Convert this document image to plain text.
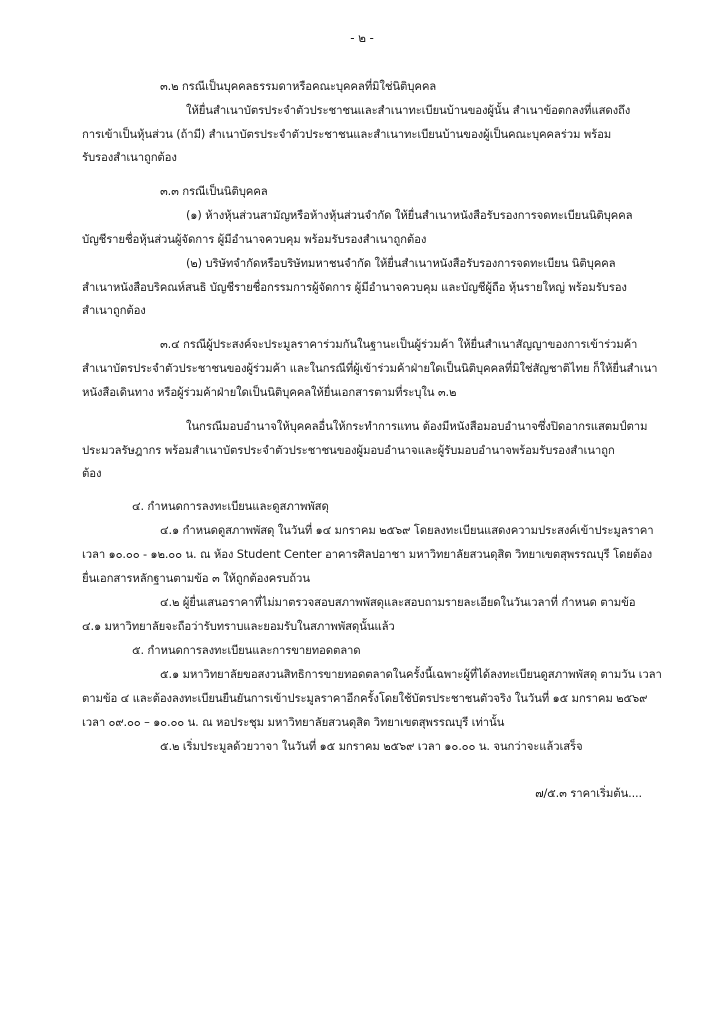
- ๒ -
๓.๒ กรณีเป็นบุคคลธรรมดาหรือคณะบุคคลที่มิใช่นิติบุคคล
ให้ยื่นสำเนาบัตรประจำตัวประชาชนและสำเนาทะเบียนบ้านของผู้นั้น สำเนาข้อตกลงที่แสดงถึง
การเข้าเป็นหุ้นส่วน (ถ้ามี) สำเนาบัตรประจำตัวประชาชนและสำเนาทะเบียนบ้านของผู้เป็นคณะบุคคลร่วม พร้อม
รับรองสำเนาถูกต้อง
๓.๓ กรณีเป็นนิติบุคคล
(๑) ห้างหุ้นส่วนสามัญหรือห้างหุ้นส่วนจำกัด ให้ยื่นสำเนาหนังสือรับรองการจดทะเบียนนิติบุคคล
บัญชีรายชื่อหุ้นส่วนผู้จัดการ ผู้มีอำนาจควบคุม พร้อมรับรองสำเนาถูกต้อง
(๒) บริษัทจำกัดหรือบริษัทมหาชนจำกัด ให้ยื่นสำเนาหนังสือรับรองการจดทะเบียน นิติบุคคล
สำเนาหนังสือบริคณห์สนธิ บัญชีรายชื่อกรรมการผู้จัดการ ผู้มีอำนาจควบคุม และบัญชีผู้ถือ หุ้นรายใหญ่ พร้อมรับรอง
สำเนาถูกต้อง
๓.๔ กรณีผู้ประสงค์จะประมูลราคาร่วมกันในฐานะเป็นผู้ร่วมค้า ให้ยื่นสำเนาสัญญาของการเข้าร่วมค้า
สำเนาบัตรประจำตัวประชาชนของผู้ร่วมค้า และในกรณีที่ผู้เข้าร่วมค้าฝ่ายใดเป็นนิติบุคคลที่มิใช่สัญชาติไทย ก็ให้ยื่นสำเนา
หนังสือเดินทาง หรือผู้ร่วมค้าฝ่ายใดเป็นนิติบุคคลให้ยื่นเอกสารตามที่ระบุใน ๓.๒
ในกรณีมอบอำนาจให้บุคคลอื่นให้กระทำการแทน ต้องมีหนังสือมอบอำนาจซึ่งปิดอากรแสตมป์ตาม
ประมวลรัษฎากร พร้อมสำเนาบัตรประจำตัวประชาชนของผู้มอบอำนาจและผู้รับมอบอำนาจพร้อมรับรองสำเนาถูก
ต้อง
๔. กำหนดการลงทะเบียนและดูสภาพพัสดุ
๔.๑ กำหนดดูสภาพพัสดุ ในวันที่ ๑๔ มกราคม ๒๕๖๙ โดยลงทะเบียนแสดงความประสงค์เข้าประมูลราคา
เวลา ๑๐.๐๐ - ๑๒.๐๐ น. ณ ห้อง Student Center อาคารศิลปอาชา มหาวิทยาลัยสวนดุสิต วิทยาเขตสุพรรณบุรี โดยต้อง
ยื่นเอกสารหลักฐานตามข้อ ๓ ให้ถูกต้องครบถ้วน
๔.๒ ผู้ยื่นเสนอราคาที่ไม่มาตรวจสอบสภาพพัสดุและสอบถามรายละเอียดในวันเวลาที่ กำหนด ตามข้อ
๔.๑ มหาวิทยาลัยจะถือว่ารับทราบและยอมรับในสภาพพัสดุนั้นแล้ว
๕. กำหนดการลงทะเบียนและการขายทอดตลาด
๕.๑ มหาวิทยาลัยขอสงวนสิทธิการขายทอดตลาดในครั้งนี้เฉพาะผู้ที่ได้ลงทะเบียนดูสภาพพัสดุ ตามวัน เวลา
ตามข้อ ๔ และต้องลงทะเบียนยืนยันการเข้าประมูลราคาอีกครั้งโดยใช้บัตรประชาชนตัวจริง ในวันที่ ๑๕ มกราคม ๒๕๖๙
เวลา ๐๙.๐๐ – ๑๐.๐๐ น. ณ หอประชุม มหาวิทยาลัยสวนดุสิต วิทยาเขตสุพรรณบุรี เท่านั้น
๕.๒ เริ่มประมูลด้วยวาจา ในวันที่ ๑๕ มกราคม ๒๕๖๙ เวลา ๑๐.๐๐ น. จนกว่าจะแล้วเสร็จ
๗/๕.๓ ราคาเริ่มต้น....
